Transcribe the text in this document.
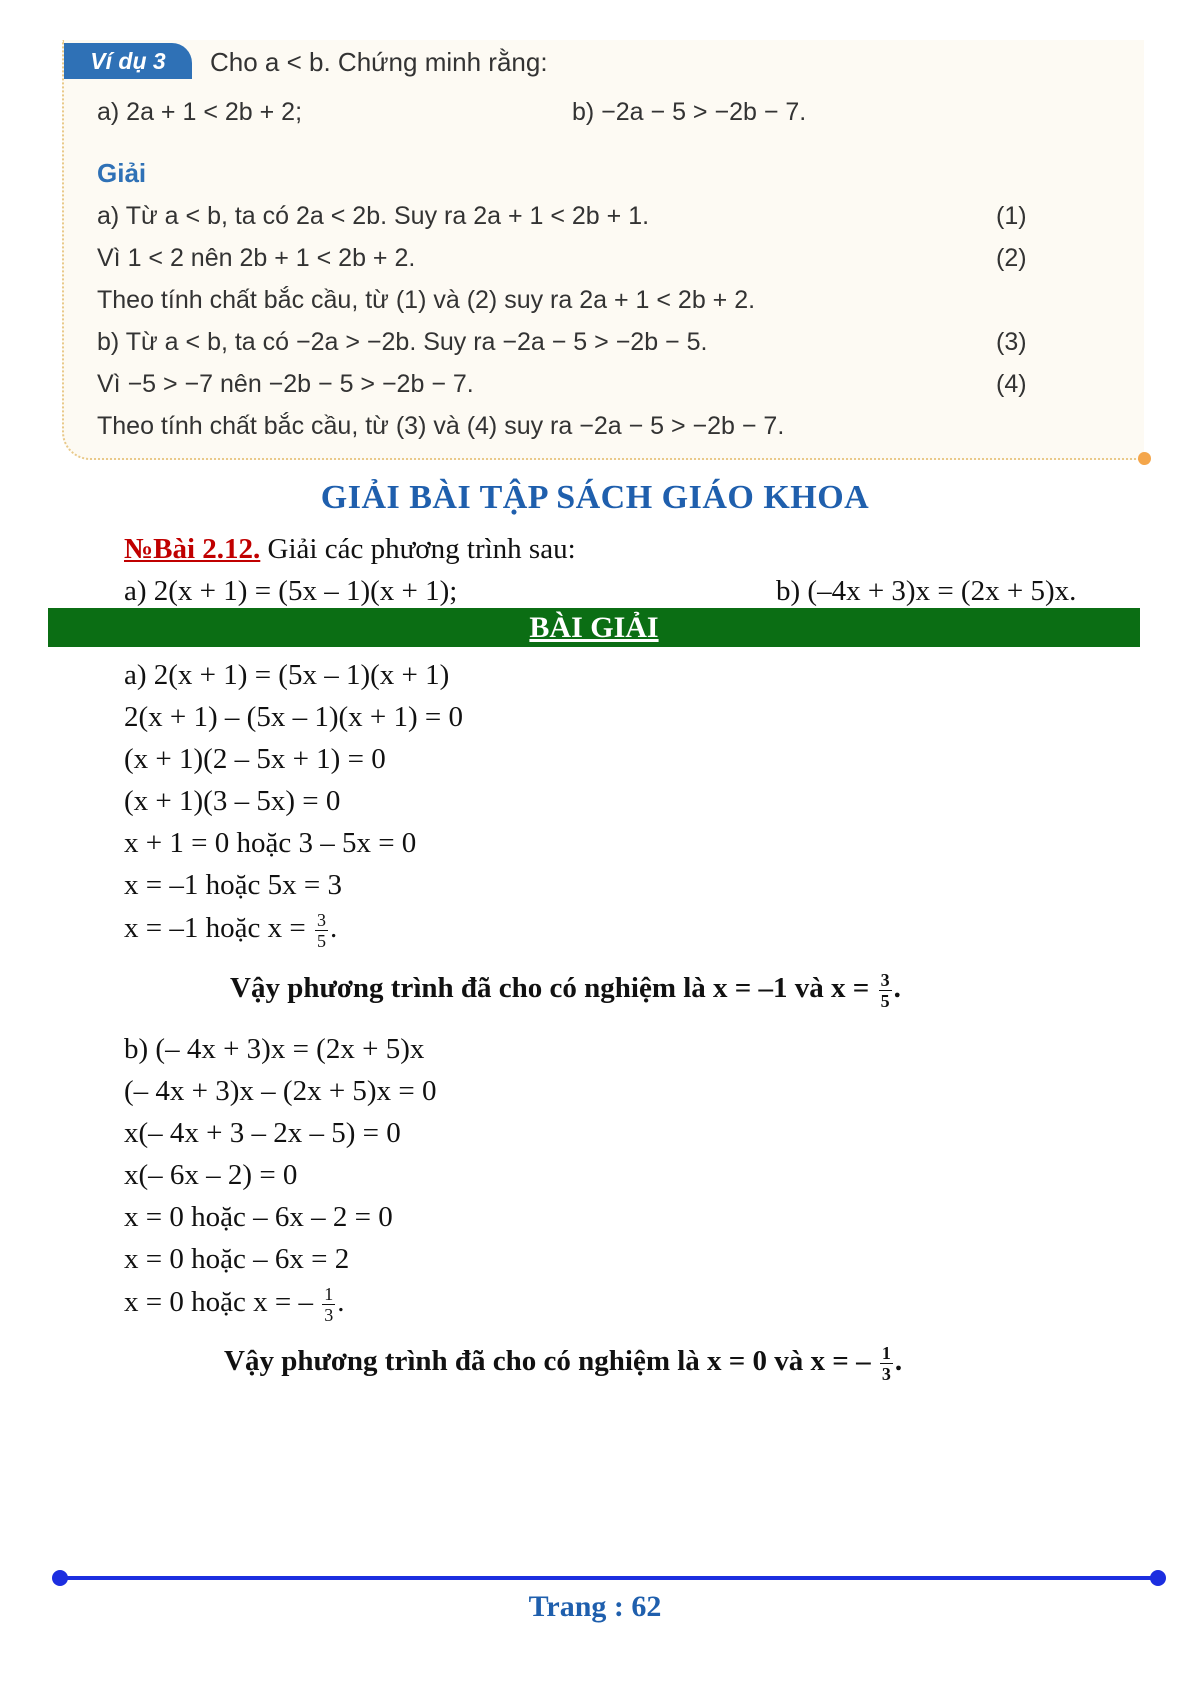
Ví dụ 3	Cho a < b. Chứng minh rằng:
a) 2a + 1 < 2b + 2;	b) −2a − 5 > −2b − 7.
Giải
a) Từ a < b, ta có 2a < 2b. Suy ra 2a + 1 < 2b + 1.	(1)
Vì 1 < 2 nên 2b + 1 < 2b + 2.	(2)
Theo tính chất bắc cầu, từ (1) và (2) suy ra 2a + 1 < 2b + 2.
b) Từ a < b, ta có −2a > −2b. Suy ra −2a − 5 > −2b − 5.	(3)
Vì −5 > −7 nên −2b − 5 > −2b − 7.	(4)
Theo tính chất bắc cầu, từ (3) và (4) suy ra −2a − 5 > −2b − 7.
GIẢI BÀI TẬP SÁCH GIÁO KHOA
№Bài 2.12. Giải các phương trình sau:
a) 2(x + 1) = (5x – 1)(x + 1);	b) (–4x + 3)x = (2x + 5)x.
BÀI GIẢI
a) 2(x + 1) = (5x – 1)(x + 1)
2(x + 1) – (5x – 1)(x + 1) = 0
(x + 1)(2 – 5x + 1) = 0
(x + 1)(3 – 5x) = 0
x + 1 = 0 hoặc 3 – 5x = 0
x = –1 hoặc 5x = 3
x = –1 hoặc $x = \frac{3}{5}$ .
Vậy phương trình đã cho có nghiệm là x = –1 và $x = \frac{3}{5}$ .
b) (– 4x + 3)x = (2x + 5)x
(– 4x + 3)x – (2x + 5)x = 0
x(– 4x + 3 – 2x – 5) = 0
x(– 6x – 2) = 0
x = 0 hoặc – 6x – 2 = 0
x = 0 hoặc – 6x = 2
x = 0 hoặc x = – $\frac{1}{3}$ .
Vậy phương trình đã cho có nghiệm là x = 0 và x = – $\frac{1}{3}$ .
Trang : 62
